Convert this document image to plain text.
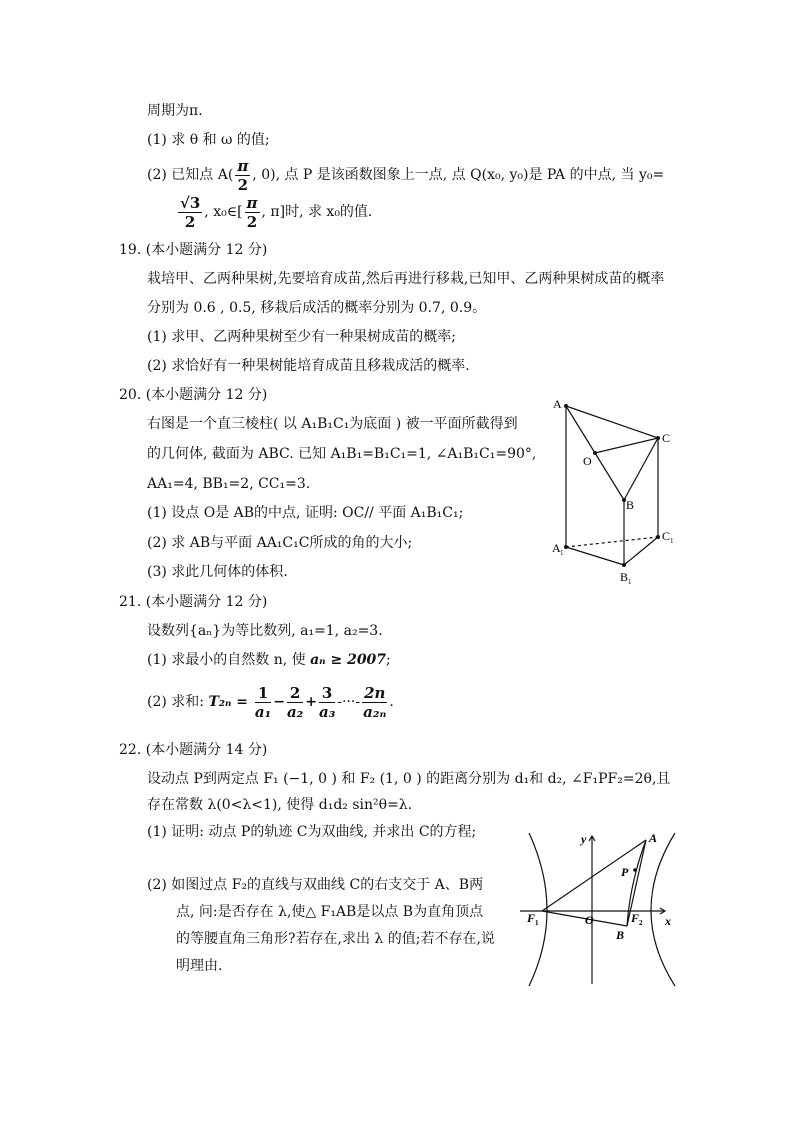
周期为π.
(1) 求 θ 和 ω 的值;
(2) 已知点 $A( \frac{\pi}{2}$ , 0), 点 P 是该函数图象上一点, 点 Q(x₀, y₀)是 PA 的中点, 当 y₀=
$\frac{√3}{2}$ , x₀∈[ $\frac{\pi}{2}$ , π]时, 求 x₀的值.
19. (本小题满分 12 分)
栽培甲、乙两种果树,先要培育成苗,然后再进行移栽,已知甲、乙两种果树成苗的概率
分别为 0.6 , 0.5, 移栽后成活的概率分别为 0.7, 0.9。
(1) 求甲、乙两种果树至少有一种果树成苗的概率;
(2) 求恰好有一种果树能培育成苗且移栽成活的概率.
20. (本小题满分 12 分)
右图是一个直三棱柱( 以 A₁B₁C₁为底面 ) 被一平面所截得到
的几何体, 截面为 ABC. 已知 A₁B₁=B₁C₁=1, ∠A₁B₁C₁=90°,
AA₁=4, BB₁=2, CC₁=3.
(1) 设点 O是 AB的中点, 证明: OC// 平面 A₁B₁C₁;
(2) 求 AB与平面 AA₁C₁C所成的角的大小;
(3) 求此几何体的体积.
A
C
O
B
A 1
C 1
B 1
21. (本小题满分 12 分)
设数列{aₙ}为等比数列, a₁=1, a₂=3.
(1) 求最小的自然数 n, 使 aₙ ≥ 2007;
(2) 求和: $T_{2n} = \frac{1}{\text{a₁}} - \frac{2}{\text{a₂}} + \frac{3}{\text{a₃}}$ -···- $\frac{2n}{\text{a₂ₙ}}$ .
22. (本小题满分 14 分)
设动点 P到两定点 F₁ (−1, 0 ) 和 F₂ (1, 0 ) 的距离分别为 d₁和 d₂, ∠F₁PF₂=2θ,且
存在常数 λ(0<λ<1), 使得 d₁d₂ sin²θ=λ.
(1) 证明: 动点 P的轨迹 C为双曲线, 并求出 C的方程;
(2) 如图过点 F₂的直线与双曲线 C的右支交于 A、B两
点, 问:是否存在 λ,使△ F₁AB是以点 B为直角顶点
的等腰直角三角形?若存在,求出 λ 的值;若不存在,说
明理由.
y
x
A
P
F 1	O	F 2
B
